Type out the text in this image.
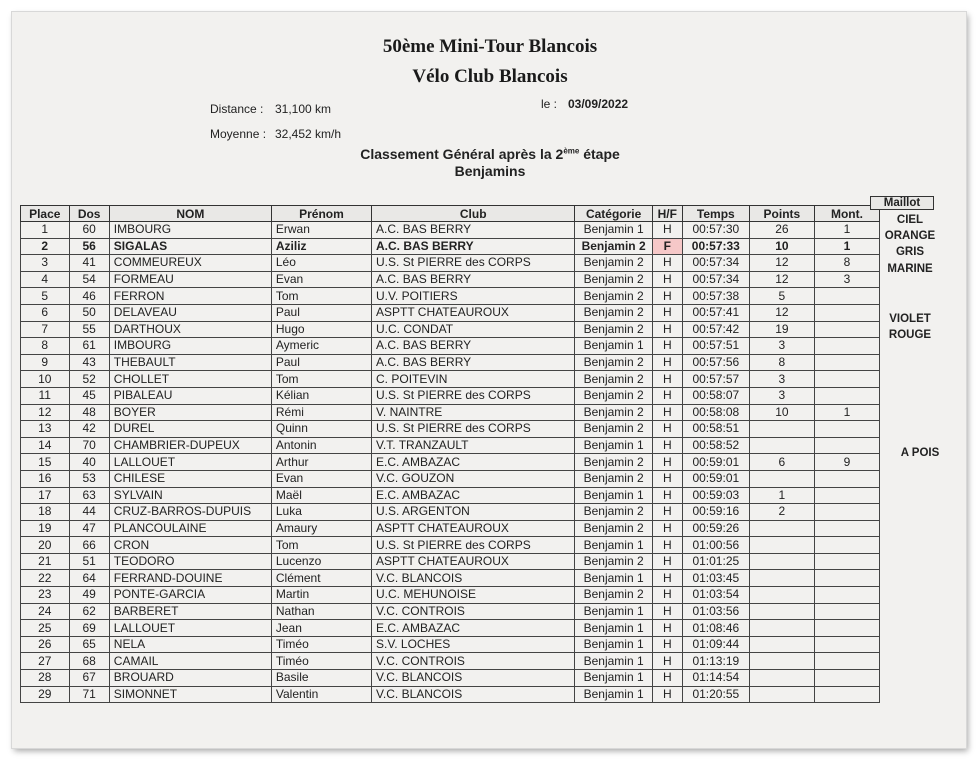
50ème Mini-Tour Blancois
Vélo Club Blancois
Distance : 31,100 km	le : 03/09/2022
Moyenne : 32,452 km/h
Classement Général après la 2ème étape
Benjamins
Place	Dos	NOM	Prénom	Club	Catégorie	H/F	Temps	Points	Mont.
1	60	IMBOURG	Erwan	A.C. BAS BERRY	Benjamin 1	H	00:57:30	26	1
2	56	SIGALAS	Aziliz	A.C. BAS BERRY	Benjamin 2	F	00:57:33	10	1
3	41	COMMEUREUX	Léo	U.S. St PIERRE des CORPS	Benjamin 2	H	00:57:34	12	8
4	54	FORMEAU	Evan	A.C. BAS BERRY	Benjamin 2	H	00:57:34	12	3
5	46	FERRON	Tom	U.V. POITIERS	Benjamin 2	H	00:57:38	5	
6	50	DELAVEAU	Paul	ASPTT CHATEAUROUX	Benjamin 2	H	00:57:41	12	
7	55	DARTHOUX	Hugo	U.C. CONDAT	Benjamin 2	H	00:57:42	19	
8	61	IMBOURG	Aymeric	A.C. BAS BERRY	Benjamin 1	H	00:57:51	3	
9	43	THEBAULT	Paul	A.C. BAS BERRY	Benjamin 2	H	00:57:56	8	
10	52	CHOLLET	Tom	C. POITEVIN	Benjamin 2	H	00:57:57	3	
11	45	PIBALEAU	Kélian	U.S. St PIERRE des CORPS	Benjamin 2	H	00:58:07	3	
12	48	BOYER	Rémi	V. NAINTRE	Benjamin 2	H	00:58:08	10	1
13	42	DUREL	Quinn	U.S. St PIERRE des CORPS	Benjamin 2	H	00:58:51		
14	70	CHAMBRIER-DUPEUX	Antonin	V.T. TRANZAULT	Benjamin 1	H	00:58:52		
15	40	LALLOUET	Arthur	E.C. AMBAZAC	Benjamin 2	H	00:59:01	6	9
16	53	CHILESE	Evan	V.C. GOUZON	Benjamin 2	H	00:59:01		
17	63	SYLVAIN	Maël	E.C. AMBAZAC	Benjamin 1	H	00:59:03	1	
18	44	CRUZ-BARROS-DUPUIS	Luka	U.S. ARGENTON	Benjamin 2	H	00:59:16	2	
19	47	PLANCOULAINE	Amaury	ASPTT CHATEAUROUX	Benjamin 2	H	00:59:26		
20	66	CRON	Tom	U.S. St PIERRE des CORPS	Benjamin 1	H	01:00:56		
21	51	TEODORO	Lucenzo	ASPTT CHATEAUROUX	Benjamin 2	H	01:01:25		
22	64	FERRAND-DOUINE	Clément	V.C. BLANCOIS	Benjamin 1	H	01:03:45		
23	49	PONTE-GARCIA	Martin	U.C. MEHUNOISE	Benjamin 2	H	01:03:54		
24	62	BARBERET	Nathan	V.C. CONTROIS	Benjamin 1	H	01:03:56		
25	69	LALLOUET	Jean	E.C. AMBAZAC	Benjamin 1	H	01:08:46		
26	65	NELA	Timéo	S.V. LOCHES	Benjamin 1	H	01:09:44		
27	68	CAMAIL	Timéo	V.C. CONTROIS	Benjamin 1	H	01:13:19		
28	67	BROUARD	Basile	V.C. BLANCOIS	Benjamin 1	H	01:14:54		
29	71	SIMONNET	Valentin	V.C. BLANCOIS	Benjamin 1	H	01:20:55		
CIEL
ORANGE
GRIS
MARINE
VIOLET
ROUGE
A POIS
Maillot
